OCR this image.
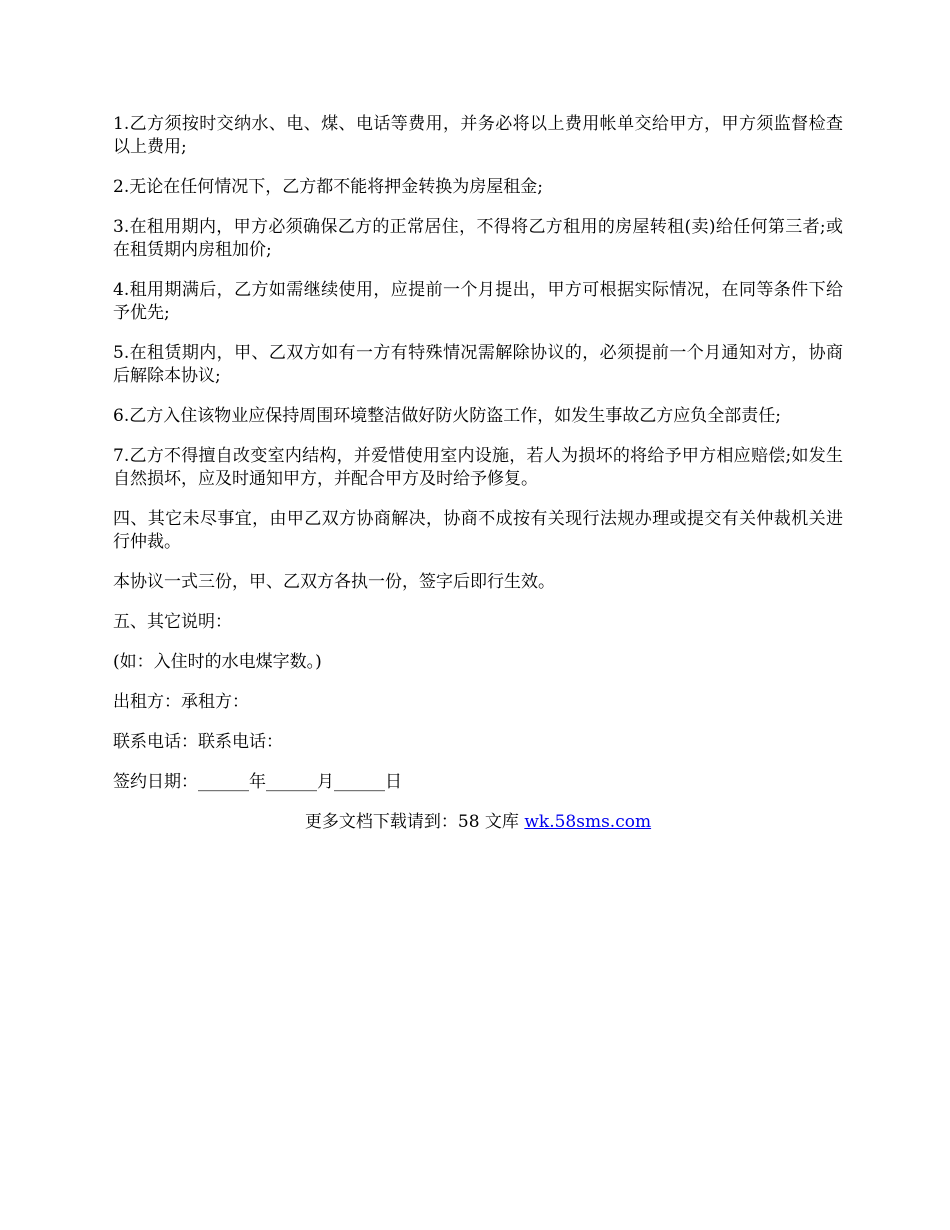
1.乙方须按时交纳水、电、煤、电话等费用，并务必将以上费用帐单交给甲方，甲方须监督检查以上费用;

2.无论在任何情况下，乙方都不能将押金转换为房屋租金;

3.在租用期内，甲方必须确保乙方的正常居住，不得将乙方租用的房屋转租(卖)给任何第三者;或在租赁期内房租加价;

4.租用期满后，乙方如需继续使用，应提前一个月提出，甲方可根据实际情况，在同等条件下给予优先;

5.在租赁期内，甲、乙双方如有一方有特殊情况需解除协议的，必须提前一个月通知对方，协商后解除本协议;

6.乙方入住该物业应保持周围环境整洁做好防火防盗工作，如发生事故乙方应负全部责任;

7.乙方不得擅自改变室内结构，并爱惜使用室内设施，若人为损坏的将给予甲方相应赔偿;如发生自然损坏，应及时通知甲方，并配合甲方及时给予修复。

四、其它未尽事宜，由甲乙双方协商解决，协商不成按有关现行法规办理或提交有关仲裁机关进行仲裁。

本协议一式三份，甲、乙双方各执一份，签字后即行生效。

五、其它说明：

(如：入住时的水电煤字数。)

出租方：承租方：

联系电话：联系电话：

签约日期：______年______月______日

更多文档下载请到：58 文库 wk.58sms.com
